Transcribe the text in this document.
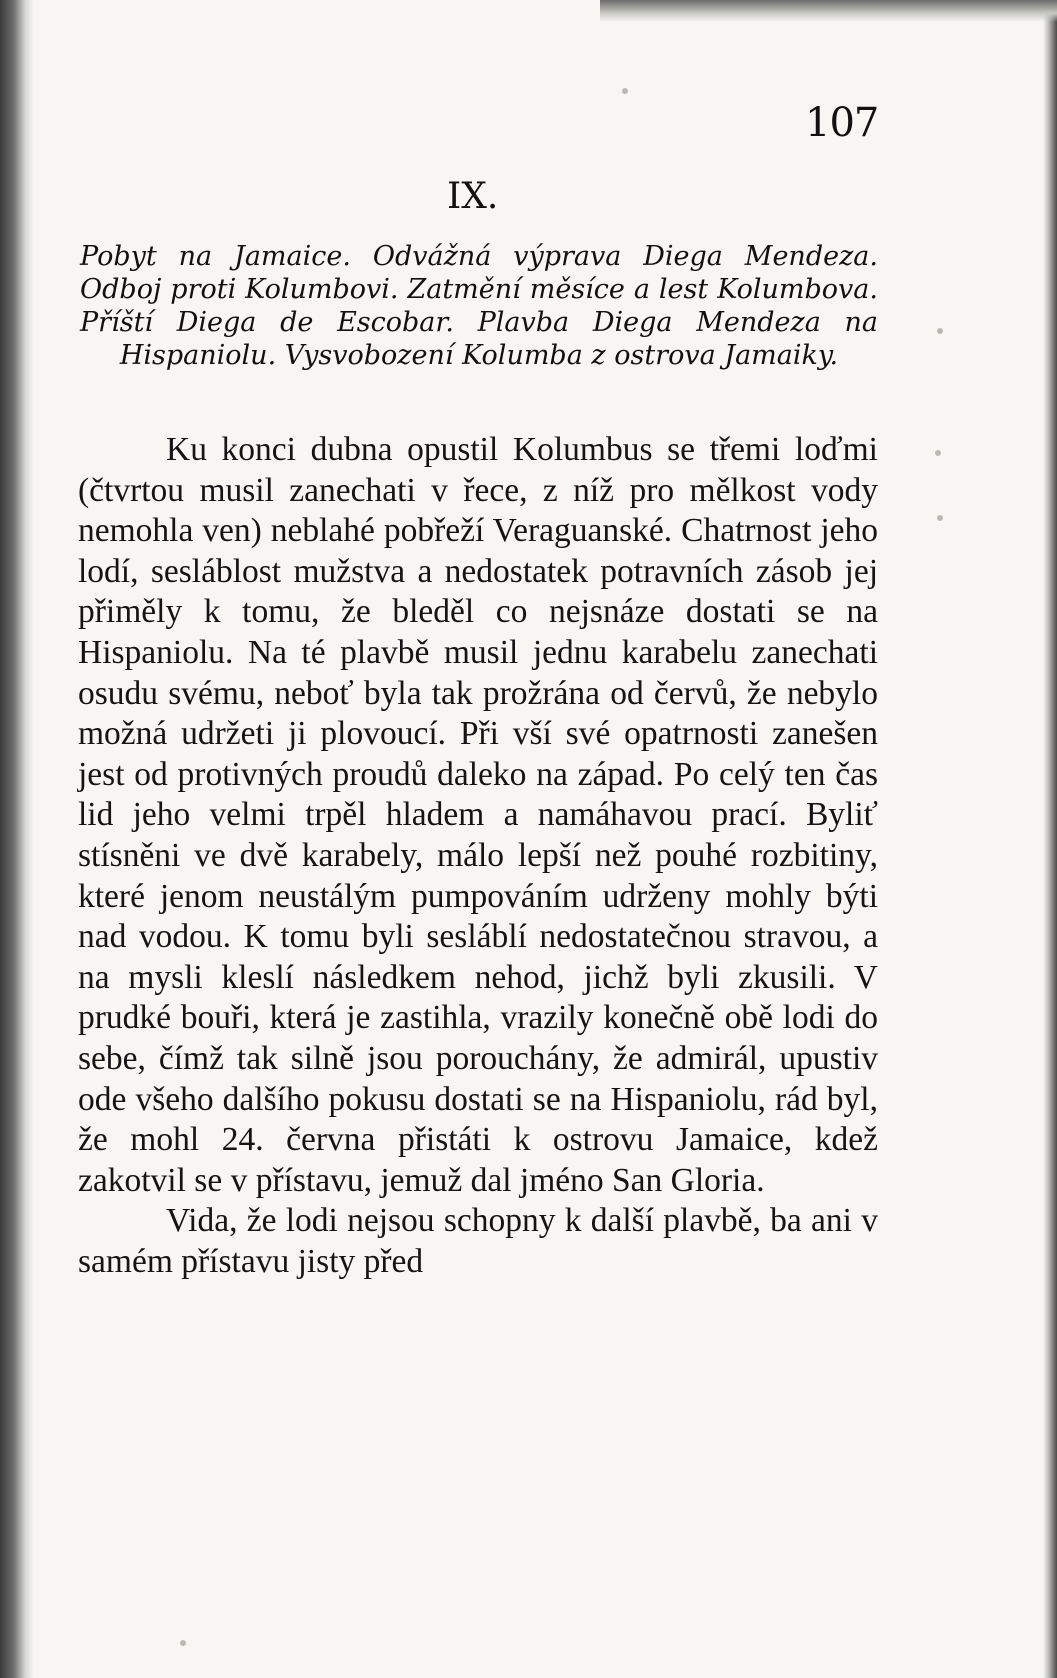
107
IX.

Pobyt na Jamaice. Odvážná výprava Diega Mendeza. Odboj proti Kolumbovi. Zatmění měsíce a lest Kolumbova. Příští Diega de Escobar. Plavba Diega Mendeza na Hispaniolu. Vysvobození Kolumba z ostrova Jamaiky.

Ku konci dubna opustil Kolumbus se třemi loďmi (čtvrtou musil zanechati v řece, z níž pro mělkost vody nemohla ven) neblahé pobřeží Veraguanské. Chatrnost jeho lodí, sesláblost mužstva a nedostatek potravních zásob jej přiměly k tomu, že bleděl co nejsnáze dostati se na Hispaniolu. Na té plavbě musil jednu karabelu zanechati osudu svému, neboť byla tak prožrána od červů, že nebylo možná udržeti ji plovoucí. Při vší své opatrnosti zanešen jest od protivných proudů daleko na západ. Po celý ten čas lid jeho velmi trpěl hladem a namáhavou prací. Byliť stísněni ve dvě karabely, málo lepší než pouhé rozbitiny, které jenom neustálým pumpováním udrženy mohly býti nad vodou. K tomu byli sesláblí nedostatečnou stravou, a na mysli kleslí následkem nehod, jichž byli zkusili. V prudké bouři, která je zastihla, vrazily konečně obě lodi do sebe, čímž tak silně jsou porouchány, že admirál, upustiv ode všeho dalšího pokusu dostati se na Hispaniolu, rád byl, že mohl 24. června přistáti k ostrovu Jamaice, kdež zakotvil se v přístavu, jemuž dal jméno San Gloria.

Vida, že lodi nejsou schopny k další plavbě, ba ani v samém přístavu jisty před
